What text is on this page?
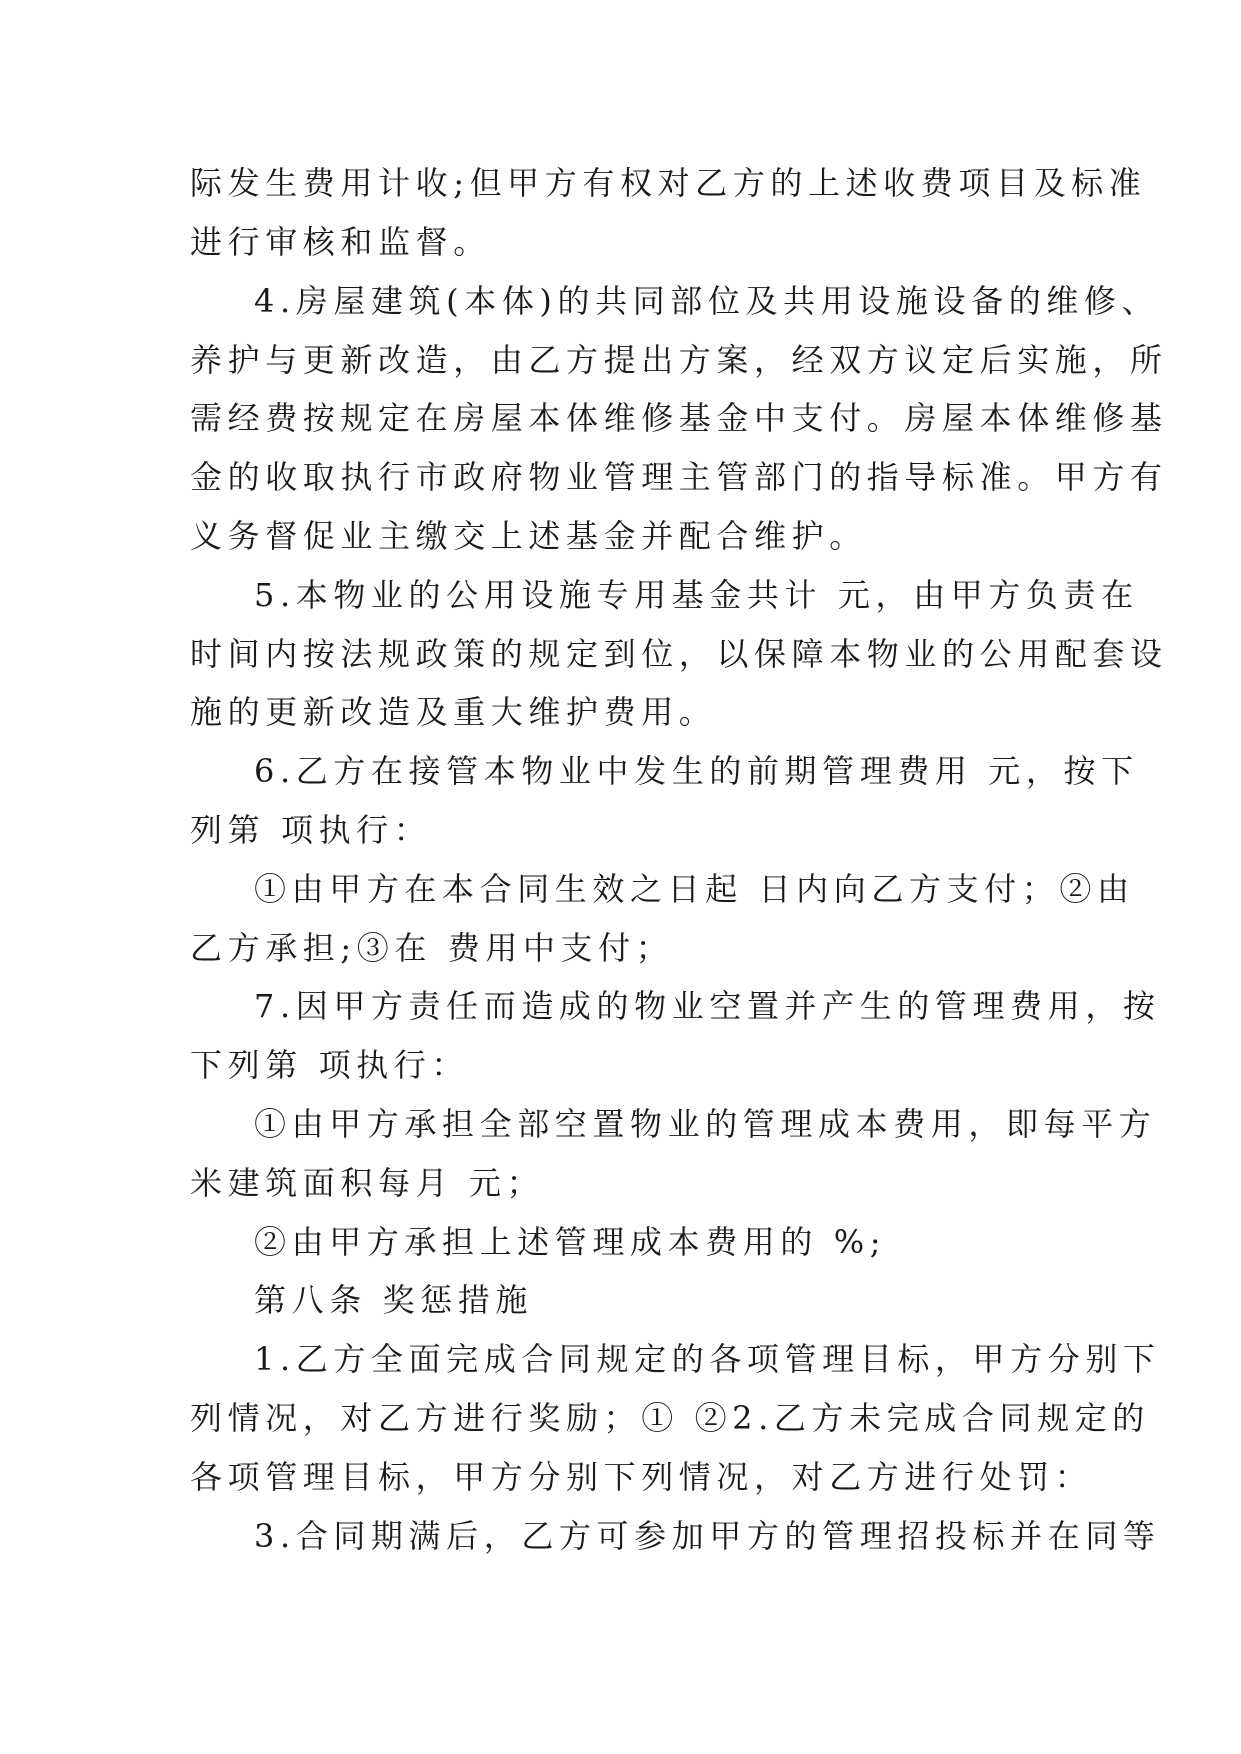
际发生费用计收;但甲方有权对乙方的上述收费项目及标准
进行审核和监督。
4.房屋建筑(本体)的共同部位及共用设施设备的维修、
养护与更新改造，由乙方提出方案，经双方议定后实施，所
需经费按规定在房屋本体维修基金中支付。房屋本体维修基
金的收取执行市政府物业管理主管部门的指导标准。甲方有
义务督促业主缴交上述基金并配合维护。
5.本物业的公用设施专用基金共计 元，由甲方负责在
时间内按法规政策的规定到位，以保障本物业的公用配套设
施的更新改造及重大维护费用。
6.乙方在接管本物业中发生的前期管理费用 元，按下
列第 项执行：
①由甲方在本合同生效之日起 日内向乙方支付；②由
乙方承担;③在 费用中支付；
7.因甲方责任而造成的物业空置并产生的管理费用，按
下列第 项执行：
①由甲方承担全部空置物业的管理成本费用，即每平方
米建筑面积每月 元；
②由甲方承担上述管理成本费用的 %;
第八条 奖惩措施
1.乙方全面完成合同规定的各项管理目标，甲方分别下
列情况，对乙方进行奖励；① ②2.乙方未完成合同规定的
各项管理目标，甲方分别下列情况，对乙方进行处罚：
3.合同期满后，乙方可参加甲方的管理招投标并在同等
